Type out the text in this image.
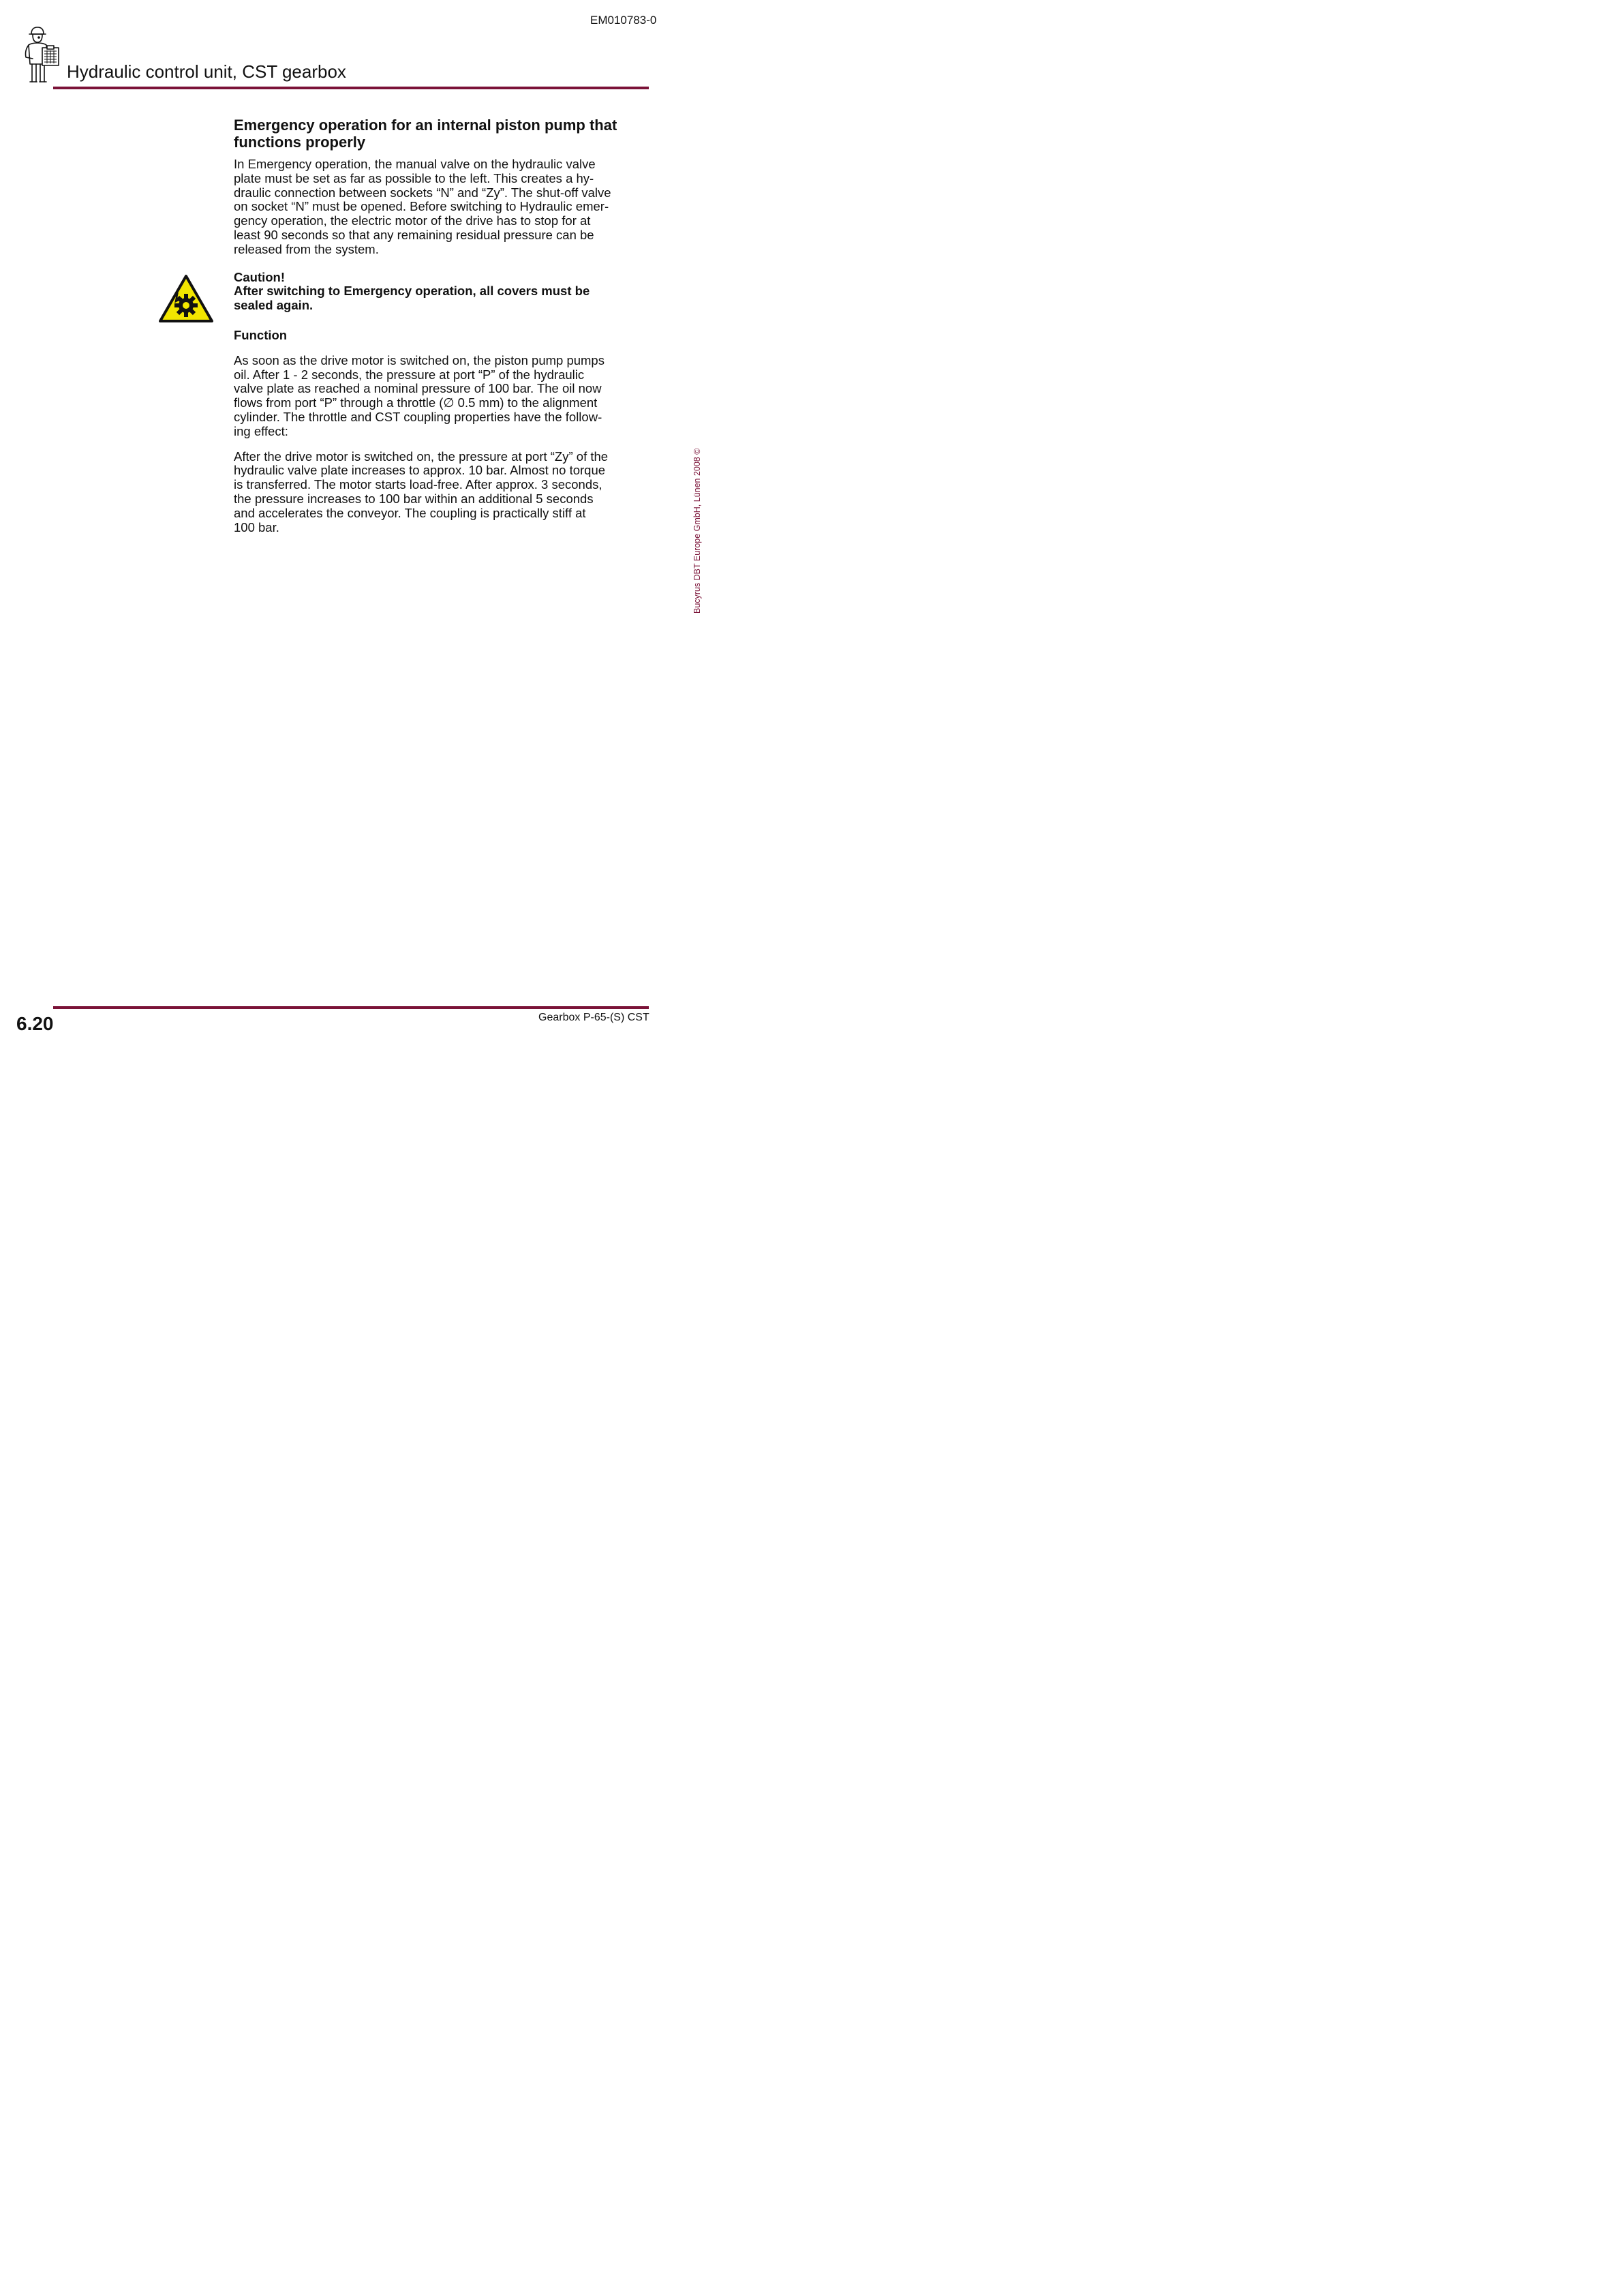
EM010783-0
Hydraulic control unit, CST gearbox
Emergency operation for an internal piston pump that functions properly
In Emergency operation, the manual valve on the hydraulic valve
plate must be set as far as possible to the left. This creates a hy-
draulic connection between sockets “N” and “Zy”. The shut-off valve
on socket “N” must be opened. Before switching to Hydraulic emer-
gency operation, the electric motor of the drive has to stop for at
least 90 seconds so that any remaining residual pressure can be
released from the system.

Caution!

After switching to Emergency operation, all covers must be
sealed again.
Function
As soon as the drive motor is switched on, the piston pump pumps
oil. After 1 - 2 seconds, the pressure at port “P” of the hydraulic
valve plate as reached a nominal pressure of 100 bar. The oil now
flows from port “P” through a throttle (∅ 0.5 mm) to the alignment
cylinder. The throttle and CST coupling properties have the follow-
ing effect:
After the drive motor is switched on, the pressure at port “Zy” of the
hydraulic valve plate increases to approx. 10 bar. Almost no torque
is transferred. The motor starts load-free. After approx. 3 seconds,
the pressure increases to 100 bar within an additional 5 seconds
and accelerates the conveyor. The coupling is practically stiff at
100 bar.	Bucyrus DBT Europe GmbH, Lünen 2008 ©
6.20	Gearbox P-65-(S) CST
